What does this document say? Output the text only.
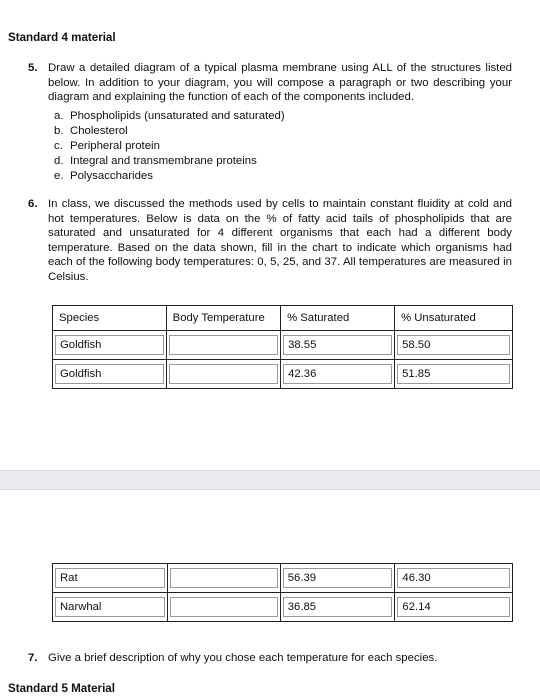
Standard 4 material
5. Draw a detailed diagram of a typical plasma membrane using ALL of the structures listed below. In addition to your diagram, you will compose a paragraph or two describing your diagram and explaining the function of each of the components included.
a. Phospholipids (unsaturated and saturated)
b. Cholesterol
c. Peripheral protein
d. Integral and transmembrane proteins
e. Polysaccharides
6. In class, we discussed the methods used by cells to maintain constant fluidity at cold and hot temperatures. Below is data on the % of fatty acid tails of phospholipids that are saturated and unsaturated for 4 different organisms that each had a different body temperature. Based on the data shown, fill in the chart to indicate which organisms had each of the following body temperatures: 0, 5, 25, and 37. All temperatures are measured in Celsius.
Species	Body Temperature	% Saturated	% Unsaturated

Goldfish		38.55	58.50

Goldfish		42.36	51.85
Rat		56.39	46.30

Narwhal		36.85	62.14
7. Give a brief description of why you chose each temperature for each species.
Standard 5 Material
